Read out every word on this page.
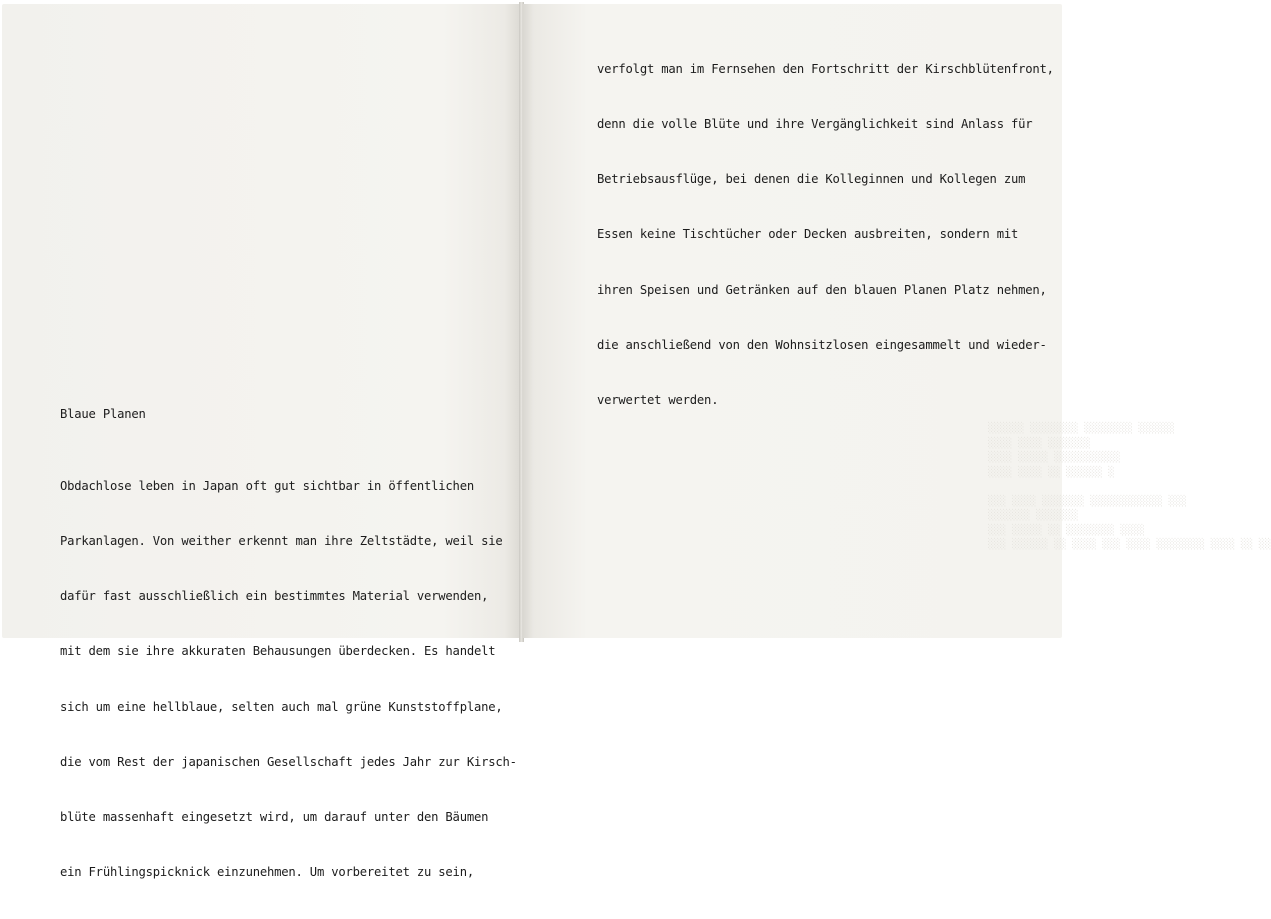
Blaue Planen

Obdachlose leben in Japan oft gut sichtbar in öffentlichen

Parkanlagen. Von weither erkennt man ihre Zeltstädte, weil sie

dafür fast ausschließlich ein bestimmtes Material verwenden,

mit dem sie ihre akkuraten Behausungen überdecken. Es handelt

sich um eine hellblaue, selten auch mal grüne Kunststoffplane,

die vom Rest der japanischen Gesellschaft jedes Jahr zur Kirsch-

blüte massenhaft eingesetzt wird, um darauf unter den Bäumen

ein Frühlingspicknick einzunehmen. Um vorbereitet zu sein,

verfolgt man im Fernsehen den Fortschritt der Kirschblütenfront,

denn die volle Blüte und ihre Vergänglichkeit sind Anlass für

Betriebsausflüge, bei denen die Kolleginnen und Kollegen zum

Essen keine Tischtücher oder Decken ausbreiten, sondern mit

ihren Speisen und Getränken auf den blauen Planen Platz nehmen,

die anschließend von den Wohnsitzlosen eingesammelt und wieder-

verwertet werden.

░░░░░░ ░░░░░░░░ ░░░░░░░░ ░░░░░░
░░░░ ░░░░ ░░░░░░░
░░░░ ░░░░░ ░░░░░░░░░░░
░░░░ ░░░░ ░░ ░░░░░░ ░

░░░ ░░░░ ░░░░░░░ ░░░░░░░░░░░░ ░░░
░░░░░░░ ░░░░░░░
░░░ ░░░░░ ░░ ░░░░░░░░ ░░░░
░░░ ░░░░░░ ░░ ░░░░ ░░░ ░░░░ ░░░░░░░░ ░░░░ ░░ ░░
